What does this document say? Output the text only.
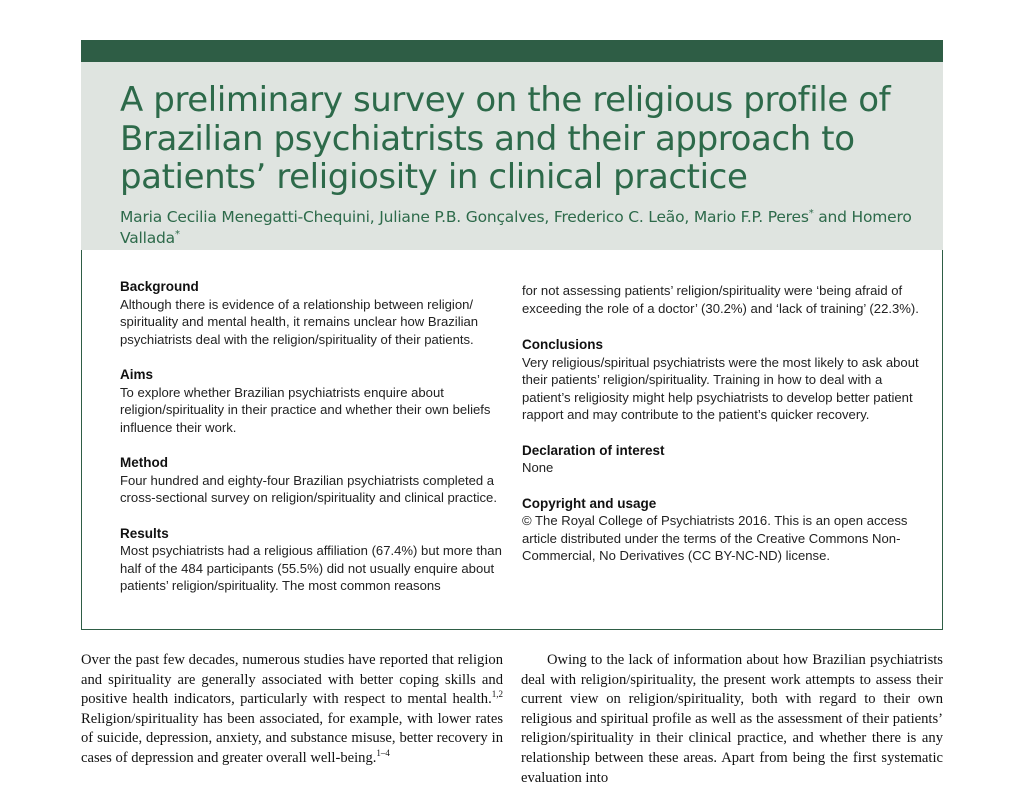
A preliminary survey on the religious profile of Brazilian psychiatrists and their approach to patients’ religiosity in clinical practice

Maria Cecilia Menegatti-Chequini, Juliane P.B. Gonçalves, Frederico C. Leão, Mario F.P. Peres* and Homero Vallada*

Background

Although there is evidence of a relationship between religion/ spirituality and mental health, it remains unclear how Brazilian psychiatrists deal with the religion/spirituality of their patients.

Aims

To explore whether Brazilian psychiatrists enquire about religion/spirituality in their practice and whether their own beliefs influence their work.

Method

Four hundred and eighty-four Brazilian psychiatrists completed a cross-sectional survey on religion/spirituality and clinical practice.

Results

Most psychiatrists had a religious affiliation (67.4%) but more than half of the 484 participants (55.5%) did not usually enquire about patients’ religion/spirituality. The most common reasons

for not assessing patients’ religion/spirituality were ‘being afraid of exceeding the role of a doctor’ (30.2%) and ‘lack of training’ (22.3%).

Conclusions

Very religious/spiritual psychiatrists were the most likely to ask about their patients’ religion/spirituality. Training in how to deal with a patient’s religiosity might help psychiatrists to develop better patient rapport and may contribute to the patient’s quicker recovery.

Declaration of interest

None

Copyright and usage

© The Royal College of Psychiatrists 2016. This is an open access article distributed under the terms of the Creative Commons Non-Commercial, No Derivatives (CC BY-NC-ND) license.

Over the past few decades, numerous studies have reported that religion and spirituality are generally associated with better coping skills and positive health indicators, particularly with respect to mental health.$^{1,2}$ Religion/spirituality has been associated, for example, with lower rates of suicide, depression, anxiety, and substance misuse, better recovery in cases of depression and greater overall well-being.$^{1-4}$

Owing to the lack of information about how Brazilian psychiatrists deal with religion/spirituality, the present work attempts to assess their current view on religion/spirituality, both with regard to their own religious and spiritual profile as well as the assessment of their patients’ religion/spirituality in their clinical practice, and whether there is any relationship between these areas. Apart from being the first systematic evaluation into
